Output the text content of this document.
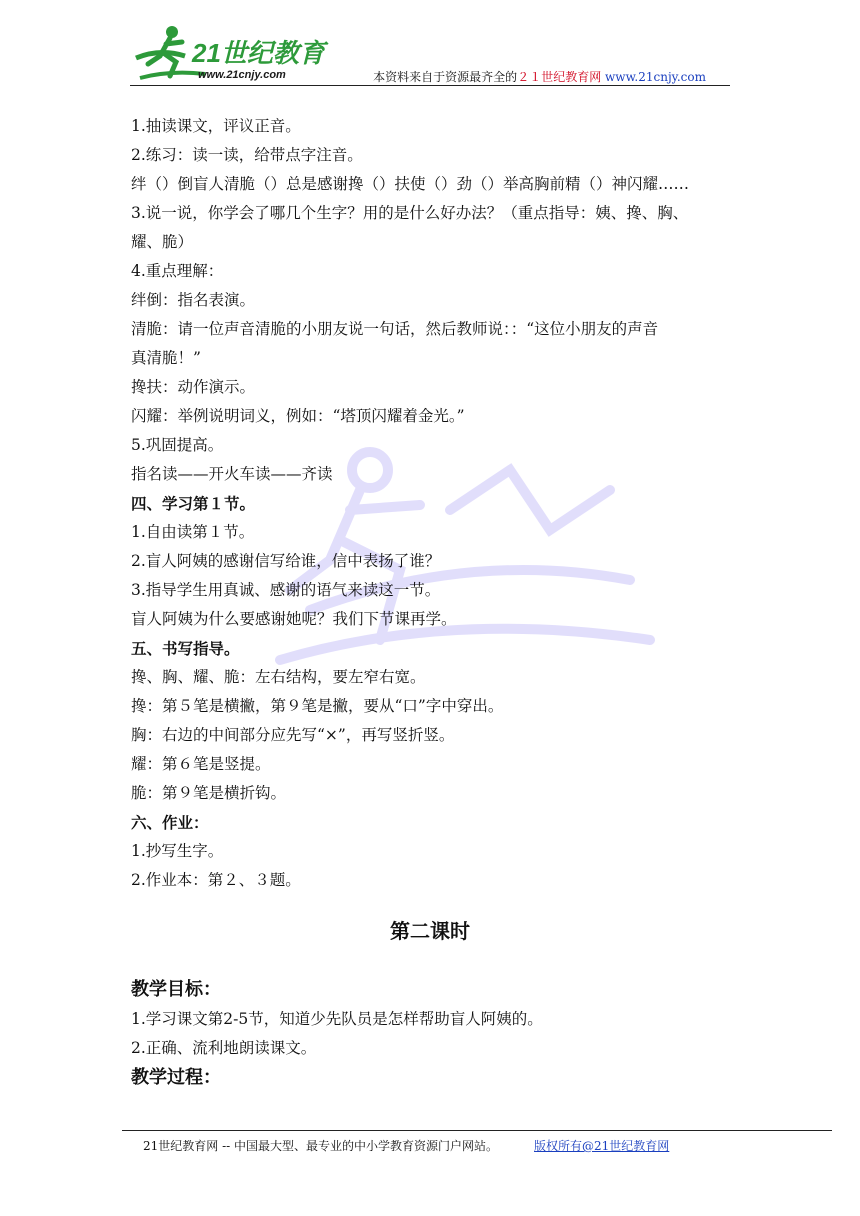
21世纪教育
www.21cnjy.com	本资料来自于资源最齐全的２１世纪教育网 www.21cnjy.com
1.抽读课文，评议正音。
2.练习：读一读，给带点字注音。
绊（）倒盲人清脆（）总是感谢搀（）扶使（）劲（）举高胸前精（）神闪耀……
3.说一说，你学会了哪几个生字？用的是什么好办法？（重点指导：姨、搀、胸、
耀、脆）
4.重点理解：
绊倒：指名表演。
清脆：请一位声音清脆的小朋友说一句话，然后教师说：：“这位小朋友的声音
真清脆！”
搀扶：动作演示。
闪耀：举例说明词义，例如：“塔顶闪耀着金光。”
5.巩固提高。
指名读——开火车读——齐读
四、学习第１节。
1.自由读第１节。
2.盲人阿姨的感谢信写给谁，信中表扬了谁？
3.指导学生用真诚、感谢的语气来读这一节。
盲人阿姨为什么要感谢她呢？我们下节课再学。
五、书写指导。
搀、胸、耀、脆：左右结构，要左窄右宽。
搀：第５笔是横撇，第９笔是撇，要从“口”字中穿出。
胸：右边的中间部分应先写“×”，再写竖折竖。
耀：第６笔是竖提。
脆：第９笔是横折钩。
六、作业：
1.抄写生字。
2.作业本：第２、３题。
第二课时
教学目标：
1.学习课文第2-5节，知道少先队员是怎样帮助盲人阿姨的。
2.正确、流利地朗读课文。
教学过程：
21世纪教育网 -- 中国最大型、最专业的中小学教育资源门户网站。	版权所有@21世纪教育网
